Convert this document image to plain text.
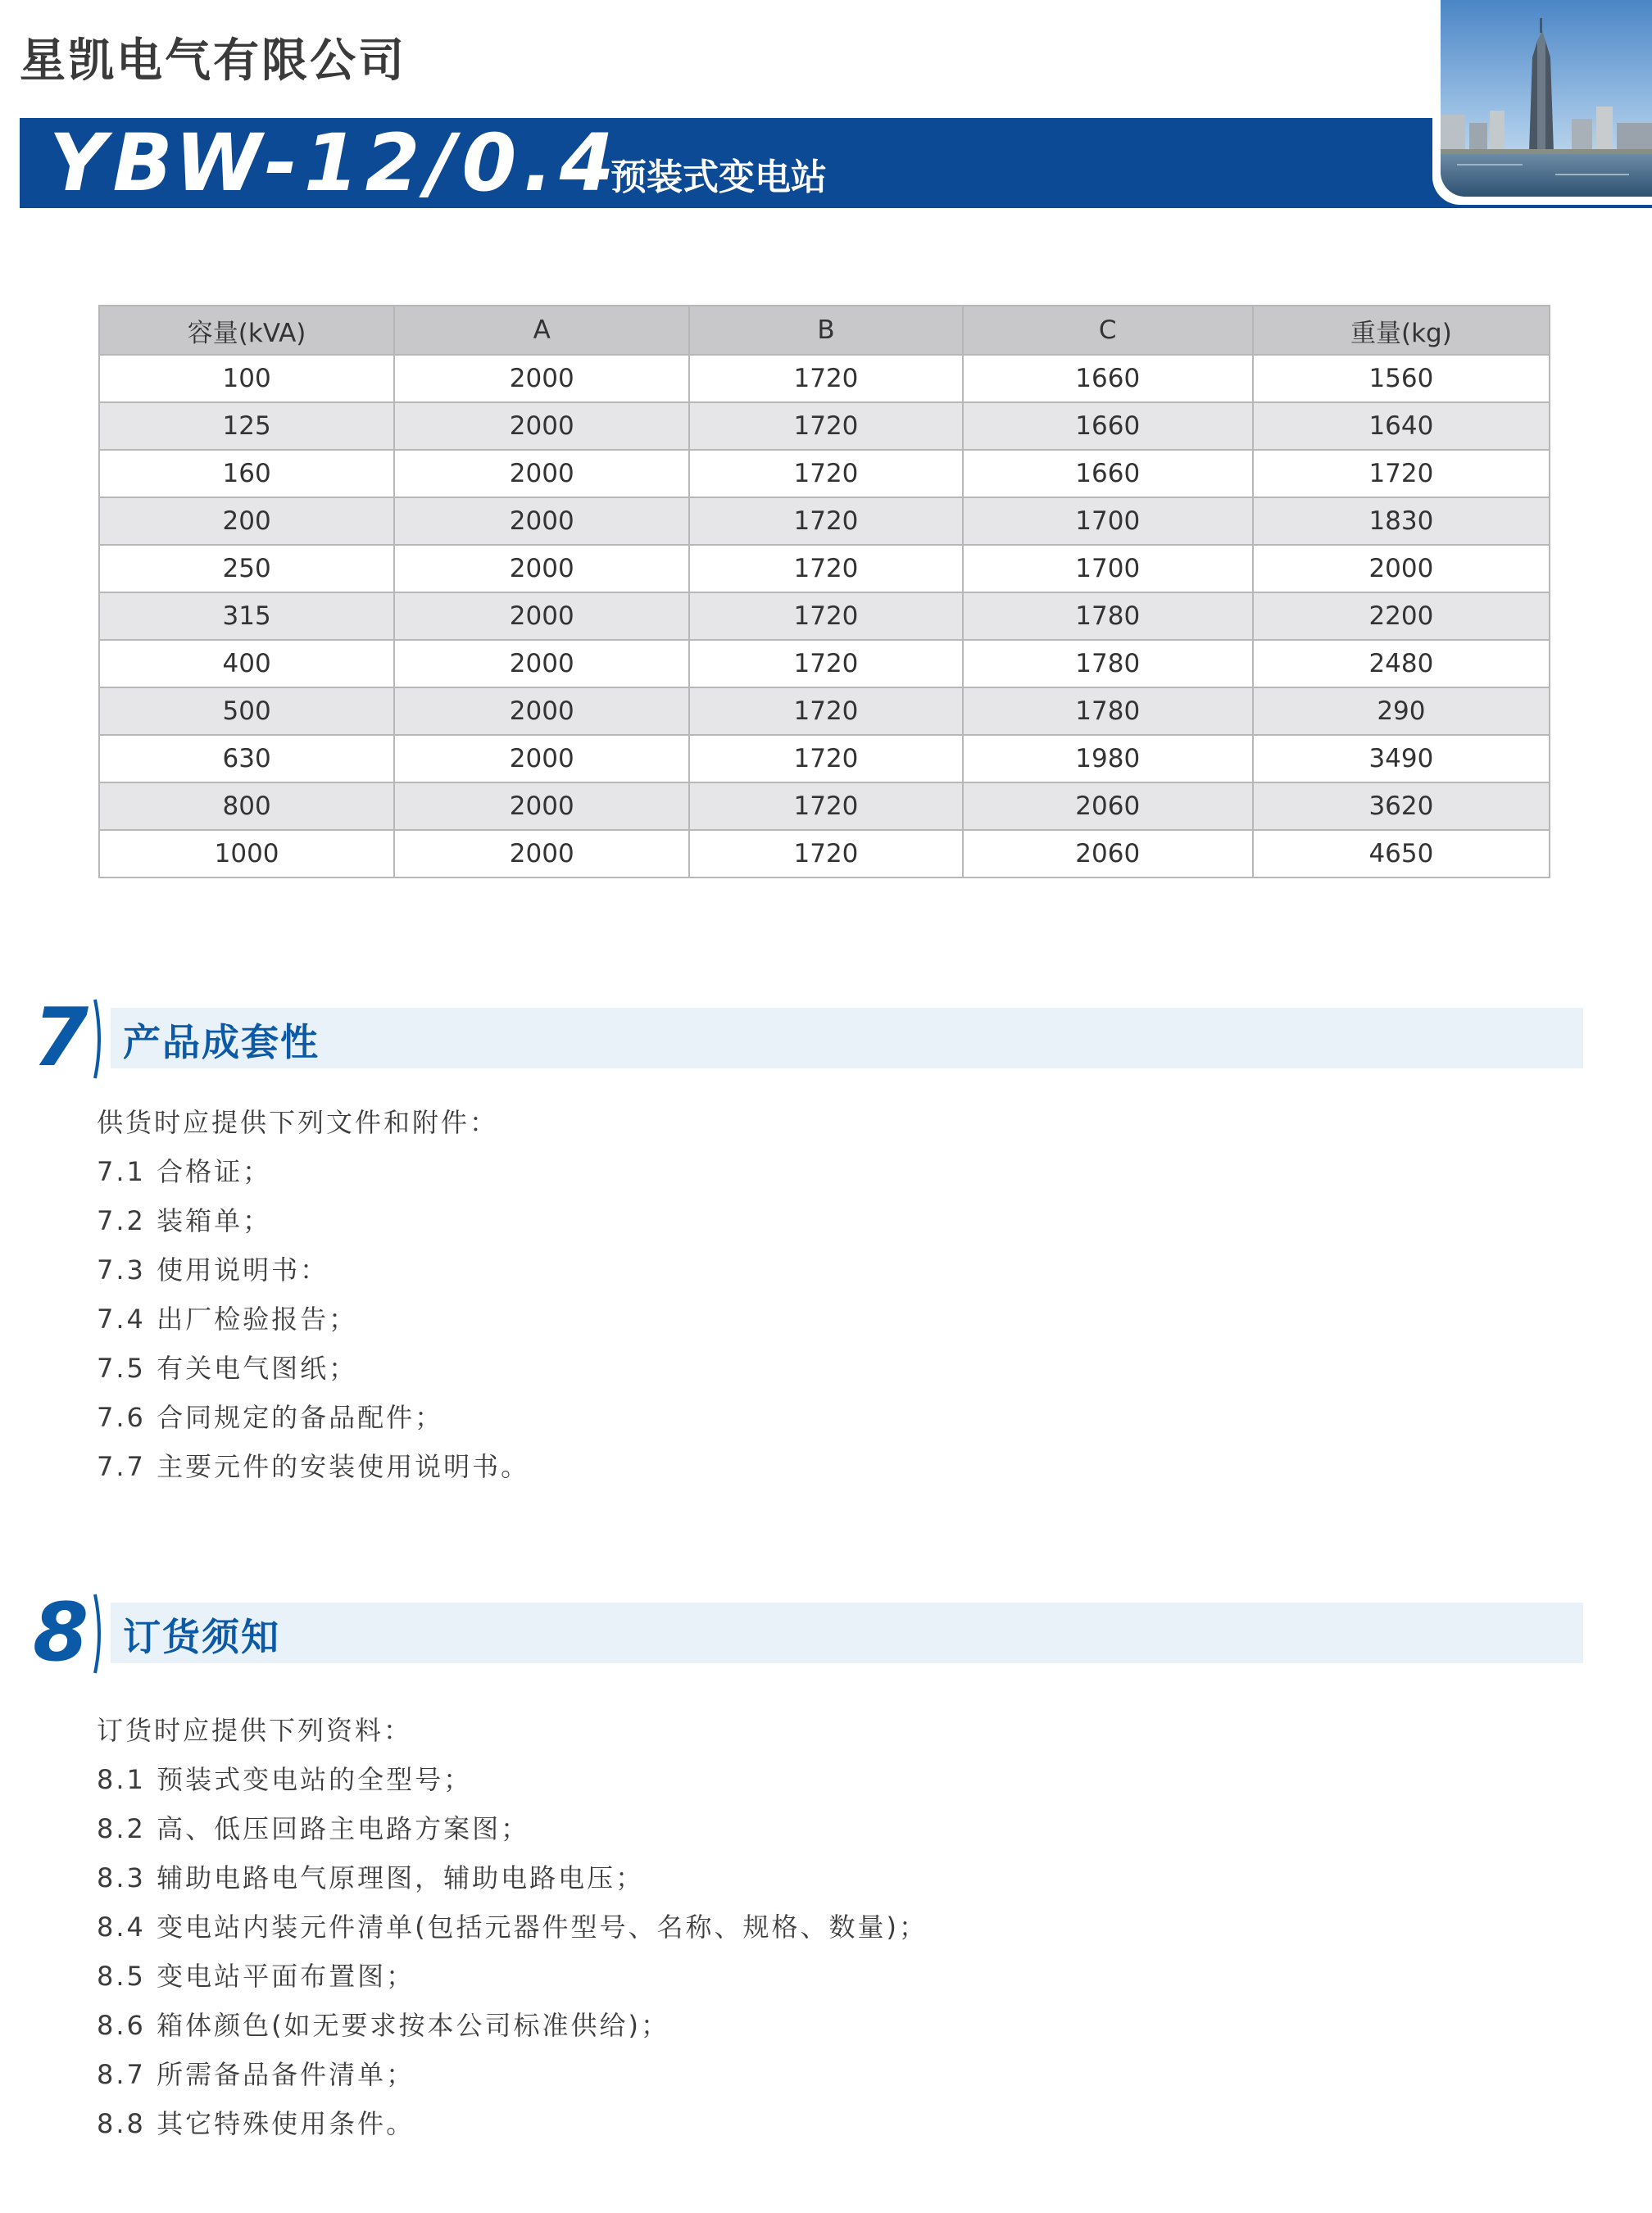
星凯电气有限公司
YBW-12/0.4
预装式变电站
容量(kVA)	A	B	C	重量(kg)
100	2000	1720	1660	1560
125	2000	1720	1660	1640
160	2000	1720	1660	1720
200	2000	1720	1700	1830
250	2000	1720	1700	2000
315	2000	1720	1780	2200
400	2000	1720	1780	2480
500	2000	1720	1780	290
630	2000	1720	1980	3490
800	2000	1720	2060	3620
1000	2000	1720	2060	4650
7 产品成套性
供货时应提供下列文件和附件：
7.1 合格证；
7.2 装箱单；
7.3 使用说明书：
7.4 出厂检验报告；
7.5 有关电气图纸；
7.6 合同规定的备品配件；
7.7 主要元件的安装使用说明书。
8 订货须知
订货时应提供下列资料：
8.1 预装式变电站的全型号；
8.2 高、低压回路主电路方案图；
8.3 辅助电路电气原理图，辅助电路电压；
8.4 变电站内装元件清单(包括元器件型号、名称、规格、数量)；
8.5 变电站平面布置图；
8.6 箱体颜色(如无要求按本公司标准供给)；
8.7 所需备品备件清单；
8.8 其它特殊使用条件。
